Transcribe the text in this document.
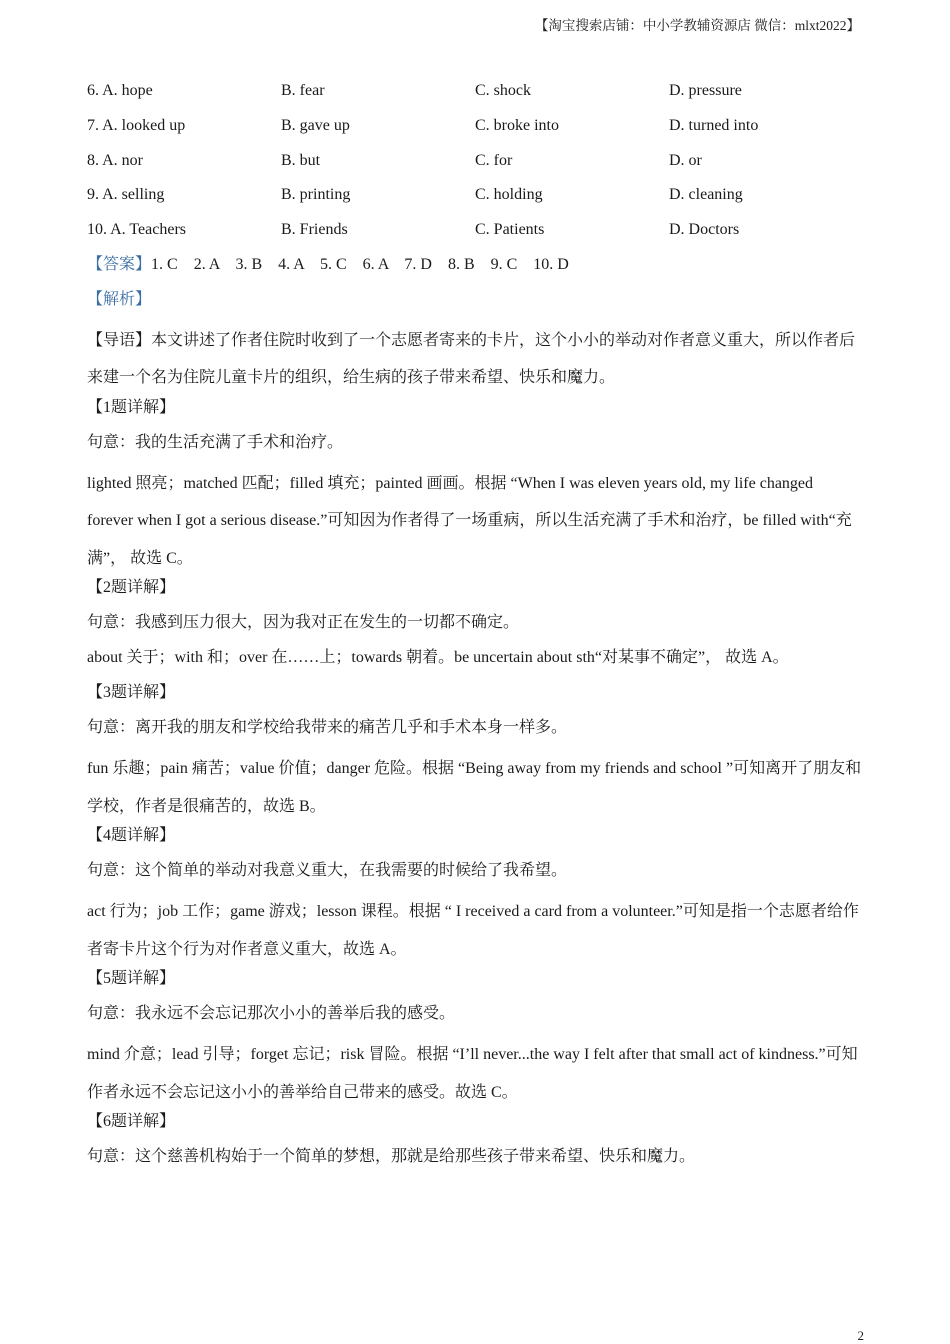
【淘宝搜索店铺：中小学教辅资源店 微信：mlxt2022】
6. A. hope	B. fear	C. shock	D. pressure
7. A. looked up	B. gave up	C. broke into	D. turned into
8. A. nor	B. but	C. for	D. or
9. A. selling	B. printing	C. holding	D. cleaning
10. A. Teachers	B. Friends	C. Patients	D. Doctors
【答案】1. C    2. A    3. B    4. A    5. C    6. A    7. D    8. B    9. C    10. D
【解析】
【导语】本文讲述了作者住院时收到了一个志愿者寄来的卡片，这个小小的举动对作者意义重大，所以作者后来建一个名为住院儿童卡片的组织，给生病的孩子带来希望、快乐和魔力。
【1题详解】
句意：我的生活充满了手术和治疗。
lighted 照亮；matched 匹配；filled 填充；painted 画画。根据 “When I was eleven years old, my life changed forever when I got a serious disease.”可知因为作者得了一场重病，所以生活充满了手术和治疗，be filled with“充满”， 故选 C。
【2题详解】
句意：我感到压力很大，因为我对正在发生的一切都不确定。
about 关于；with 和；over 在……上；towards 朝着。be uncertain about sth“对某事不确定”， 故选 A。
【3题详解】
句意：离开我的朋友和学校给我带来的痛苦几乎和手术本身一样多。
fun 乐趣；pain 痛苦；value 价值；danger 危险。根据 “Being away from my friends and school ”可知离开了朋友和学校，作者是很痛苦的，故选 B。
【4题详解】
句意：这个简单的举动对我意义重大，在我需要的时候给了我希望。
act 行为；job 工作；game 游戏；lesson 课程。根据 “ I received a card from a volunteer.”可知是指一个志愿者给作者寄卡片这个行为对作者意义重大，故选 A。
【5题详解】
句意：我永远不会忘记那次小小的善举后我的感受。
mind 介意；lead 引导；forget 忘记；risk 冒险。根据 “I’ll never...the way I felt after that small act of kindness.”可知作者永远不会忘记这小小的善举给自己带来的感受。故选 C。
【6题详解】
句意：这个慈善机构始于一个简单的梦想，那就是给那些孩子带来希望、快乐和魔力。
2
